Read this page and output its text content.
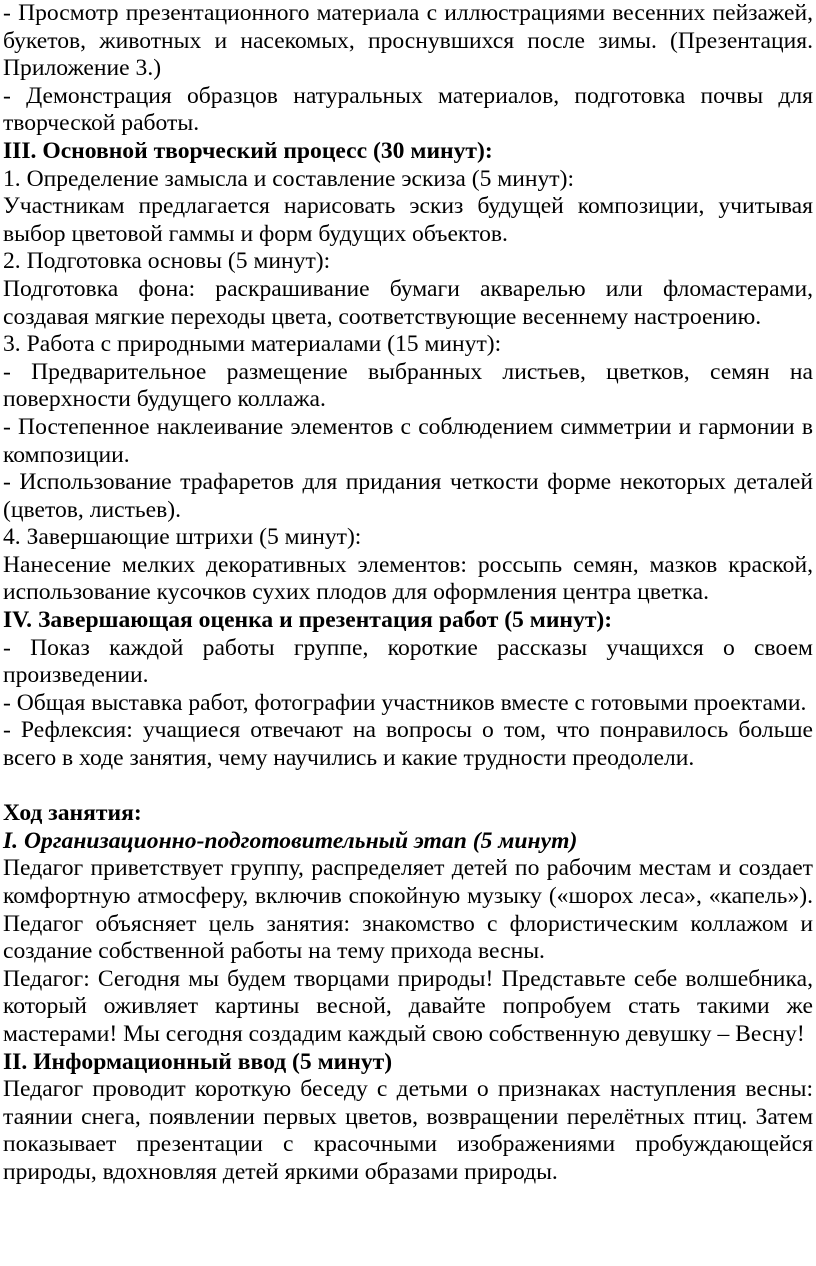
- Просмотр презентационного материала с иллюстрациями весенних пейзажей, букетов, животных и насекомых, проснувшихся после зимы. (Презентация. Приложение 3.)

- Демонстрация образцов натуральных материалов, подготовка почвы для творческой работы.

III. Основной творческий процесс (30 минут):

1. Определение замысла и составление эскиза (5 минут):

Участникам предлагается нарисовать эскиз будущей композиции, учитывая выбор цветовой гаммы и форм будущих объектов.

2. Подготовка основы (5 минут):

Подготовка фона: раскрашивание бумаги акварелью или фломастерами, создавая мягкие переходы цвета, соответствующие весеннему настроению.

3. Работа с природными материалами (15 минут):

- Предварительное размещение выбранных листьев, цветков, семян на поверхности будущего коллажа.

- Постепенное наклеивание элементов с соблюдением симметрии и гармонии в композиции.

- Использование трафаретов для придания четкости форме некоторых деталей (цветов, листьев).

4. Завершающие штрихи (5 минут):

Нанесение мелких декоративных элементов: россыпь семян, мазков краской, использование кусочков сухих плодов для оформления центра цветка.

IV. Завершающая оценка и презентация работ (5 минут):

- Показ каждой работы группе, короткие рассказы учащихся о своем произведении.

- Общая выставка работ, фотографии участников вместе с готовыми проектами.

- Рефлексия: учащиеся отвечают на вопросы о том, что понравилось больше всего в ходе занятия, чему научились и какие трудности преодолели.

Ход занятия:

I. Организационно-подготовительный этап (5 минут)

Педагог приветствует группу, распределяет детей по рабочим местам и создает комфортную атмосферу, включив спокойную музыку («шорох леса», «капель»). Педагог объясняет цель занятия: знакомство с флористическим коллажом и создание собственной работы на тему прихода весны.

Педагог: Сегодня мы будем творцами природы! Представьте себе волшебника, который оживляет картины весной, давайте попробуем стать такими же мастерами! Мы сегодня создадим каждый свою собственную девушку – Весну!

II. Информационный ввод (5 минут)

Педагог проводит короткую беседу с детьми о признаках наступления весны: таянии снега, появлении первых цветов, возвращении перелётных птиц. Затем показывает презентации с красочными изображениями пробуждающейся природы, вдохновляя детей яркими образами природы.
